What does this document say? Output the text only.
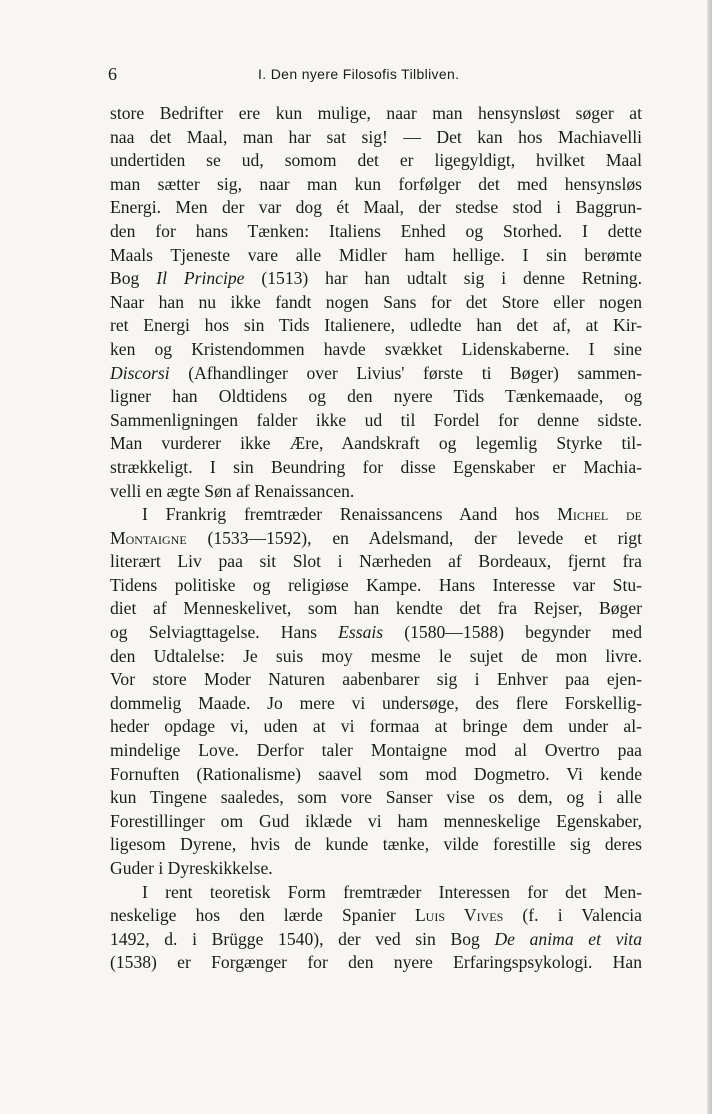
6	I. Den nyere Filosofis Tilbliven.
store Bedrifter ere kun mulige, naar man hensynsløst søger at
naa det Maal, man har sat sig! — Det kan hos Machiavelli
undertiden se ud, somom det er ligegyldigt, hvilket Maal
man sætter sig, naar man kun forfølger det med hensynsløs
Energi. Men der var dog ét Maal, der stedse stod i Baggrun-
den for hans Tænken: Italiens Enhed og Storhed. I dette
Maals Tjeneste vare alle Midler ham hellige. I sin berømte
Bog Il Principe (1513) har han udtalt sig i denne Retning.
Naar han nu ikke fandt nogen Sans for det Store eller nogen
ret Energi hos sin Tids Italienere, udledte han det af, at Kir-
ken og Kristendommen havde svækket Lidenskaberne. I sine
Discorsi (Afhandlinger over Livius' første ti Bøger) sammen-
ligner han Oldtidens og den nyere Tids Tænkemaade, og
Sammenligningen falder ikke ud til Fordel for denne sidste.
Man vurderer ikke Ære, Aandskraft og legemlig Styrke til-
strækkeligt. I sin Beundring for disse Egenskaber er Machia-
velli en ægte Søn af Renaissancen.
I Frankrig fremtræder Renaissancens Aand hos Michel de
Montaigne (1533—1592), en Adelsmand, der levede et rigt
literært Liv paa sit Slot i Nærheden af Bordeaux, fjernt fra
Tidens politiske og religiøse Kampe. Hans Interesse var Stu-
diet af Menneskelivet, som han kendte det fra Rejser, Bøger
og Selviagttagelse. Hans Essais (1580—1588) begynder med
den Udtalelse: Je suis moy mesme le sujet de mon livre.
Vor store Moder Naturen aabenbarer sig i Enhver paa ejen-
dommelig Maade. Jo mere vi undersøge, des flere Forskellig-
heder opdage vi, uden at vi formaa at bringe dem under al-
mindelige Love. Derfor taler Montaigne mod al Overtro paa
Fornuften (Rationalisme) saavel som mod Dogmetro. Vi kende
kun Tingene saaledes, som vore Sanser vise os dem, og i alle
Forestillinger om Gud iklæde vi ham menneskelige Egenskaber,
ligesom Dyrene, hvis de kunde tænke, vilde forestille sig deres
Guder i Dyreskikkelse.
I rent teoretisk Form fremtræder Interessen for det Men-
neskelige hos den lærde Spanier Luis Vives (f. i Valencia
1492, d. i Brügge 1540), der ved sin Bog De anima et vita
(1538) er Forgænger for den nyere Erfaringspsykologi. Han
